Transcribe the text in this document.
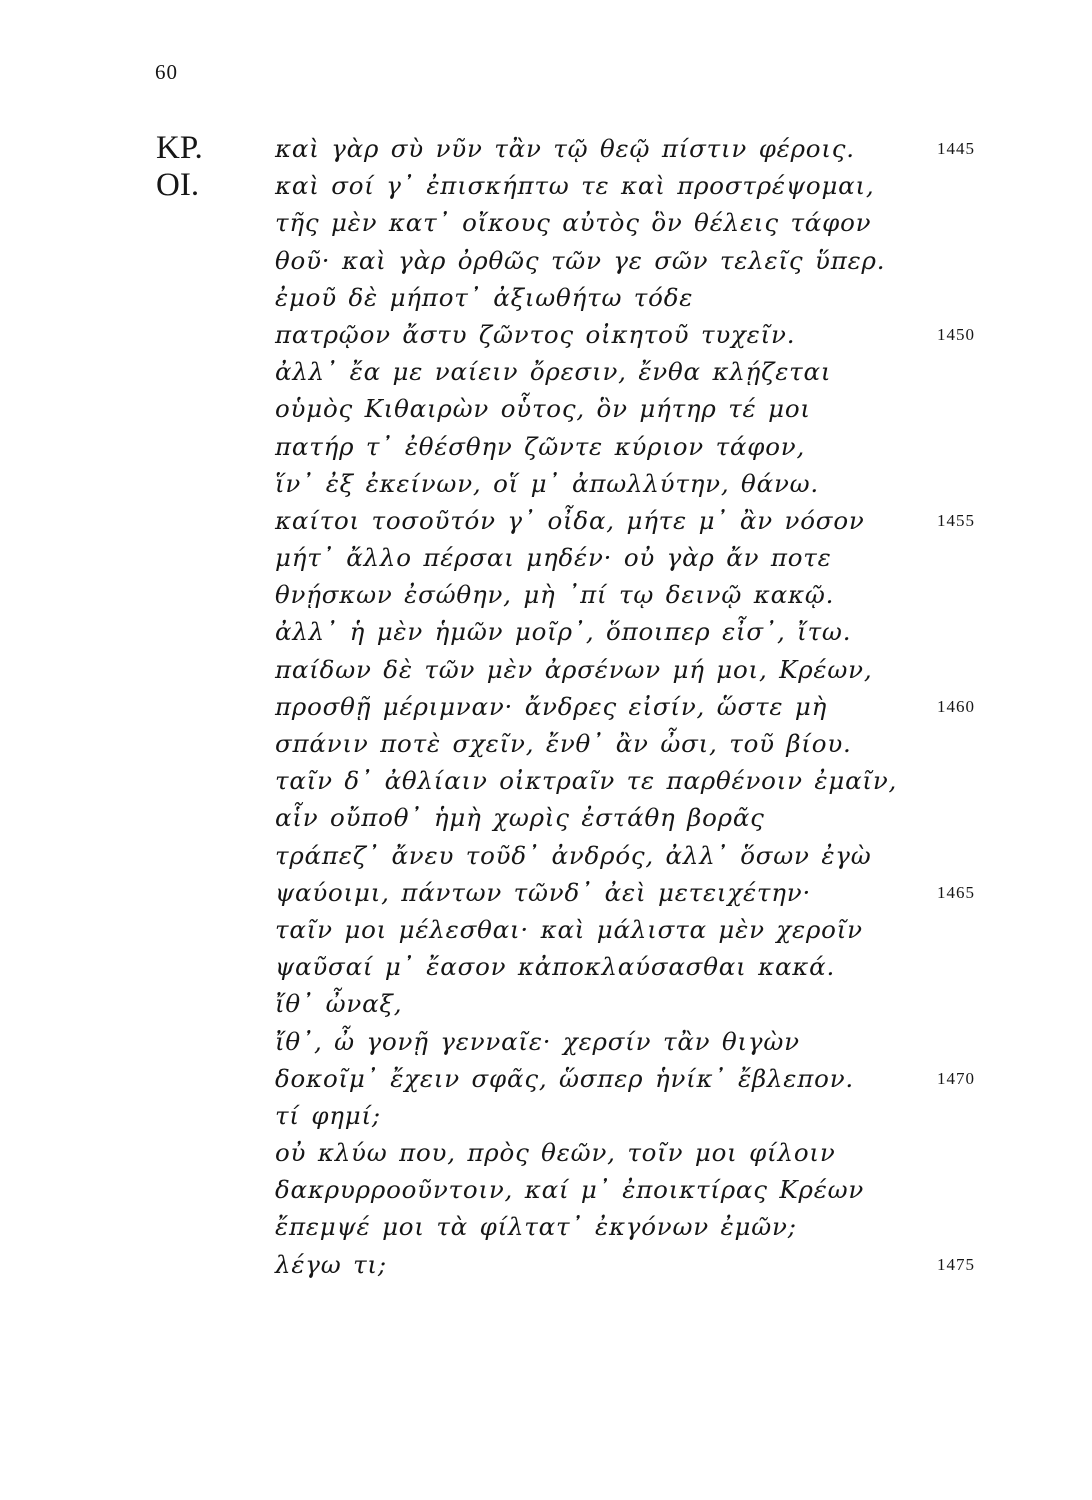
60
ΚΡ.	καὶ γὰρ σὺ νῦν τἂν τῷ θεῷ πίστιν φέροις.	1445
ΟΙ.	καὶ σοί γ᾽ ἐπισκήπτω τε καὶ προστρέψομαι,
τῆς μὲν κατ᾽ οἴκους αὐτὸς ὃν θέλεις τάφον
θοῦ· καὶ γὰρ ὀρθῶς τῶν γε σῶν τελεῖς ὕπερ.
ἐμοῦ δὲ μήποτ᾽ ἀξιωθήτω τόδε
πατρῷον ἄστυ ζῶντος οἰκητοῦ τυχεῖν.	1450
ἀλλ᾽ ἔα με ναίειν ὄρεσιν, ἔνθα κλῄζεται
οὑμὸς Κιθαιρὼν οὗτος, ὃν μήτηρ τέ μοι
πατήρ τ᾽ ἐθέσθην ζῶντε κύριον τάφον,
ἵν᾽ ἐξ ἐκείνων, οἵ μ᾽ ἀπωλλύτην, θάνω.
καίτοι τοσοῦτόν γ᾽ οἶδα, μήτε μ᾽ ἂν νόσον	1455
μήτ᾽ ἄλλο πέρσαι μηδέν· οὐ γὰρ ἄν ποτε
θνῄσκων ἐσώθην, μὴ ᾽πί τῳ δεινῷ κακῷ.
ἀλλ᾽ ἡ μὲν ἡμῶν μοῖρ᾽, ὅποιπερ εἶσ᾽, ἴτω.
παίδων δὲ τῶν μὲν ἀρσένων μή μοι, Κρέων,
προσθῇ μέριμναν· ἄνδρες εἰσίν, ὥστε μὴ	1460
σπάνιν ποτὲ σχεῖν, ἔνθ᾽ ἂν ὦσι, τοῦ βίου.
ταῖν δ᾽ ἀθλίαιν οἰκτραῖν τε παρθένοιν ἐμαῖν,
αἷν οὔποθ᾽ ἡμὴ χωρὶς ἐστάθη βορᾶς
τράπεζ᾽ ἄνευ τοῦδ᾽ ἀνδρός, ἀλλ᾽ ὅσων ἐγὼ
ψαύοιμι, πάντων τῶνδ᾽ ἀεὶ μετειχέτην·	1465
ταῖν μοι μέλεσθαι· καὶ μάλιστα μὲν χεροῖν
ψαῦσαί μ᾽ ἔασον κἀποκλαύσασθαι κακά.
ἴθ᾽ ὦναξ,
ἴθ᾽, ὦ γονῇ γενναῖε· χερσίν τἂν θιγὼν
δοκοῖμ᾽ ἔχειν σφᾶς, ὥσπερ ἡνίκ᾽ ἔβλεπον.	1470
τί φημί;
οὐ κλύω που, πρὸς θεῶν, τοῖν μοι φίλοιν
δακρυρροοῦντοιν, καί μ᾽ ἐποικτίρας Κρέων
ἔπεμψέ μοι τὰ φίλτατ᾽ ἐκγόνων ἐμῶν;
λέγω τι;	1475
